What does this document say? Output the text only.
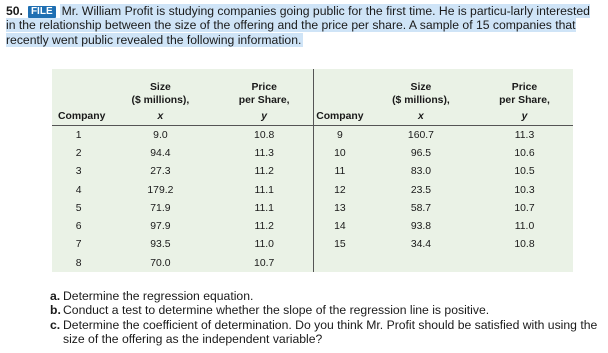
50. FILE Mr. William Profit is studying companies going public for the first time. He is particu-larly interested in the relationship between the size of the offering and the price per share. A sample of 15 companies that recently went public revealed the following information.
	Size
($ millions),	Price
per Share,		Size
($ millions),	Price
per Share,
Company	x	y	Company	x	y
1	9.0	10.8	9	160.7	11.3
2	94.4	11.3	10	96.5	10.6
3	27.3	11.2	11	83.0	10.5
4	179.2	11.1	12	23.5	10.3
5	71.9	11.1	13	58.7	10.7
6	97.9	11.2	14	93.8	11.0
7	93.5	11.0	15	34.4	10.8
8	70.0	10.7			
a. Determine the regression equation.
b. Conduct a test to determine whether the slope of the regression line is positive.
c. Determine the coefficient of determination. Do you think Mr. Profit should be satisfied with using the size of the offering as the independent variable?
